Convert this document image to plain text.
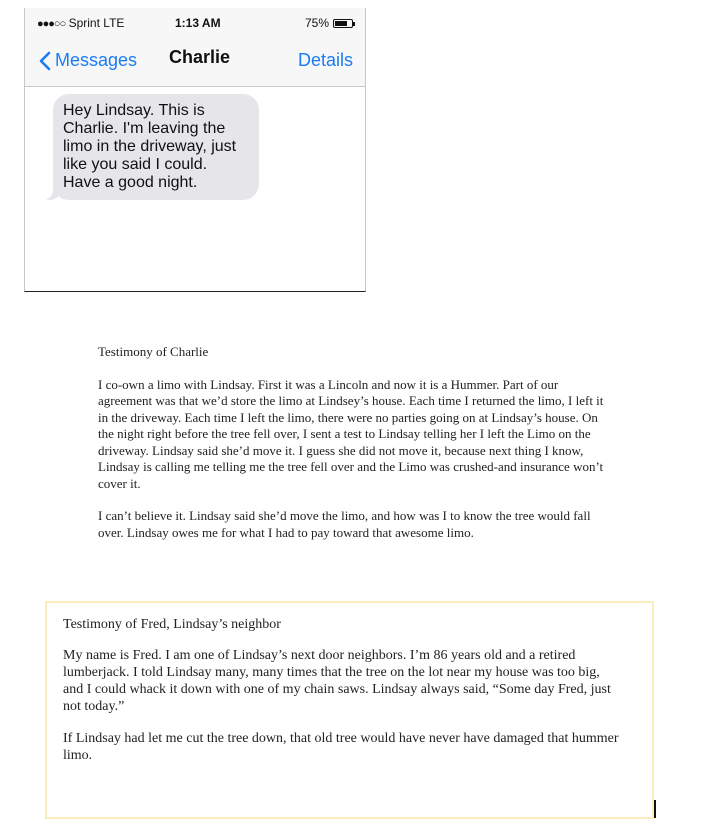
●●●○○ Sprint LTE	1:13 AM	75%
Messages Charlie	Details
Hey Lindsay. This is
Charlie. I'm leaving the
limo in the driveway, just
like you said I could.
Have a good night.

Testimony of Charlie

I co-own a limo with Lindsay. First it was a Lincoln and now it is a Hummer. Part of our agreement was that we’d store the limo at Lindsey’s house. Each time I returned the limo, I left it in the driveway. Each time I left the limo, there were no parties going on at Lindsay’s house. On the night right before the tree fell over, I sent a test to Lindsay telling her I left the Limo on the driveway. Lindsay said she’d move it. I guess she did not move it, because next thing I know, Lindsay is calling me telling me the tree fell over and the Limo was crushed-and insurance won’t cover it.

I can’t believe it. Lindsay said she’d move the limo, and how was I to know the tree would fall over. Lindsay owes me for what I had to pay toward that awesome limo.

Testimony of Fred, Lindsay’s neighbor

My name is Fred. I am one of Lindsay’s next door neighbors. I’m 86 years old and a retired lumberjack. I told Lindsay many, many times that the tree on the lot near my house was too big, and I could whack it down with one of my chain saws. Lindsay always said, “Some day Fred, just not today.”

If Lindsay had let me cut the tree down, that old tree would have never have damaged that hummer limo.
